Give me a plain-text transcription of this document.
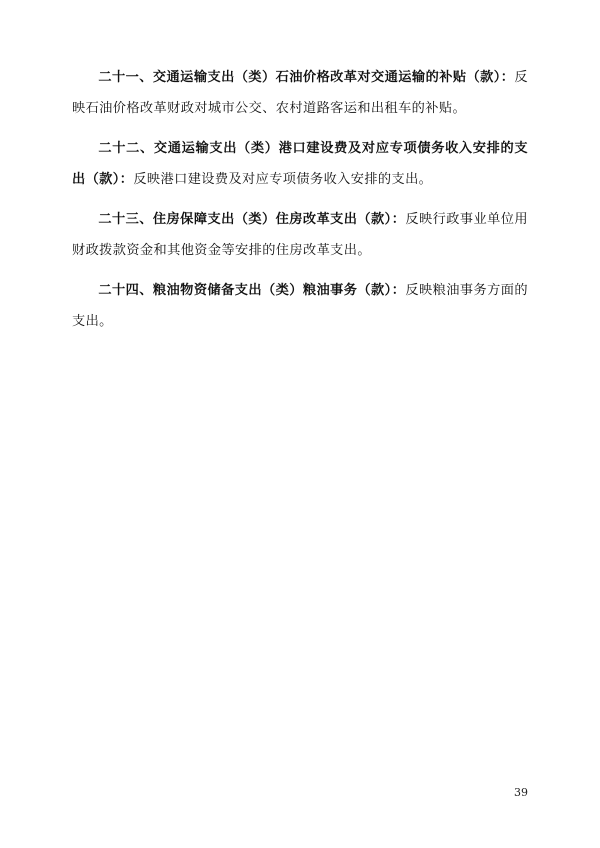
二十一、交通运输支出（类）石油价格改革对交通运输的补贴（款）：反映石油价格改革财政对城市公交、农村道路客运和出租车的补贴。

二十二、交通运输支出（类）港口建设费及对应专项债务收入安排的支出（款）：反映港口建设费及对应专项债务收入安排的支出。

二十三、住房保障支出（类）住房改革支出（款）：反映行政事业单位用财政拨款资金和其他资金等安排的住房改革支出。

二十四、粮油物资储备支出（类）粮油事务（款）：反映粮油事务方面的支出。

39
